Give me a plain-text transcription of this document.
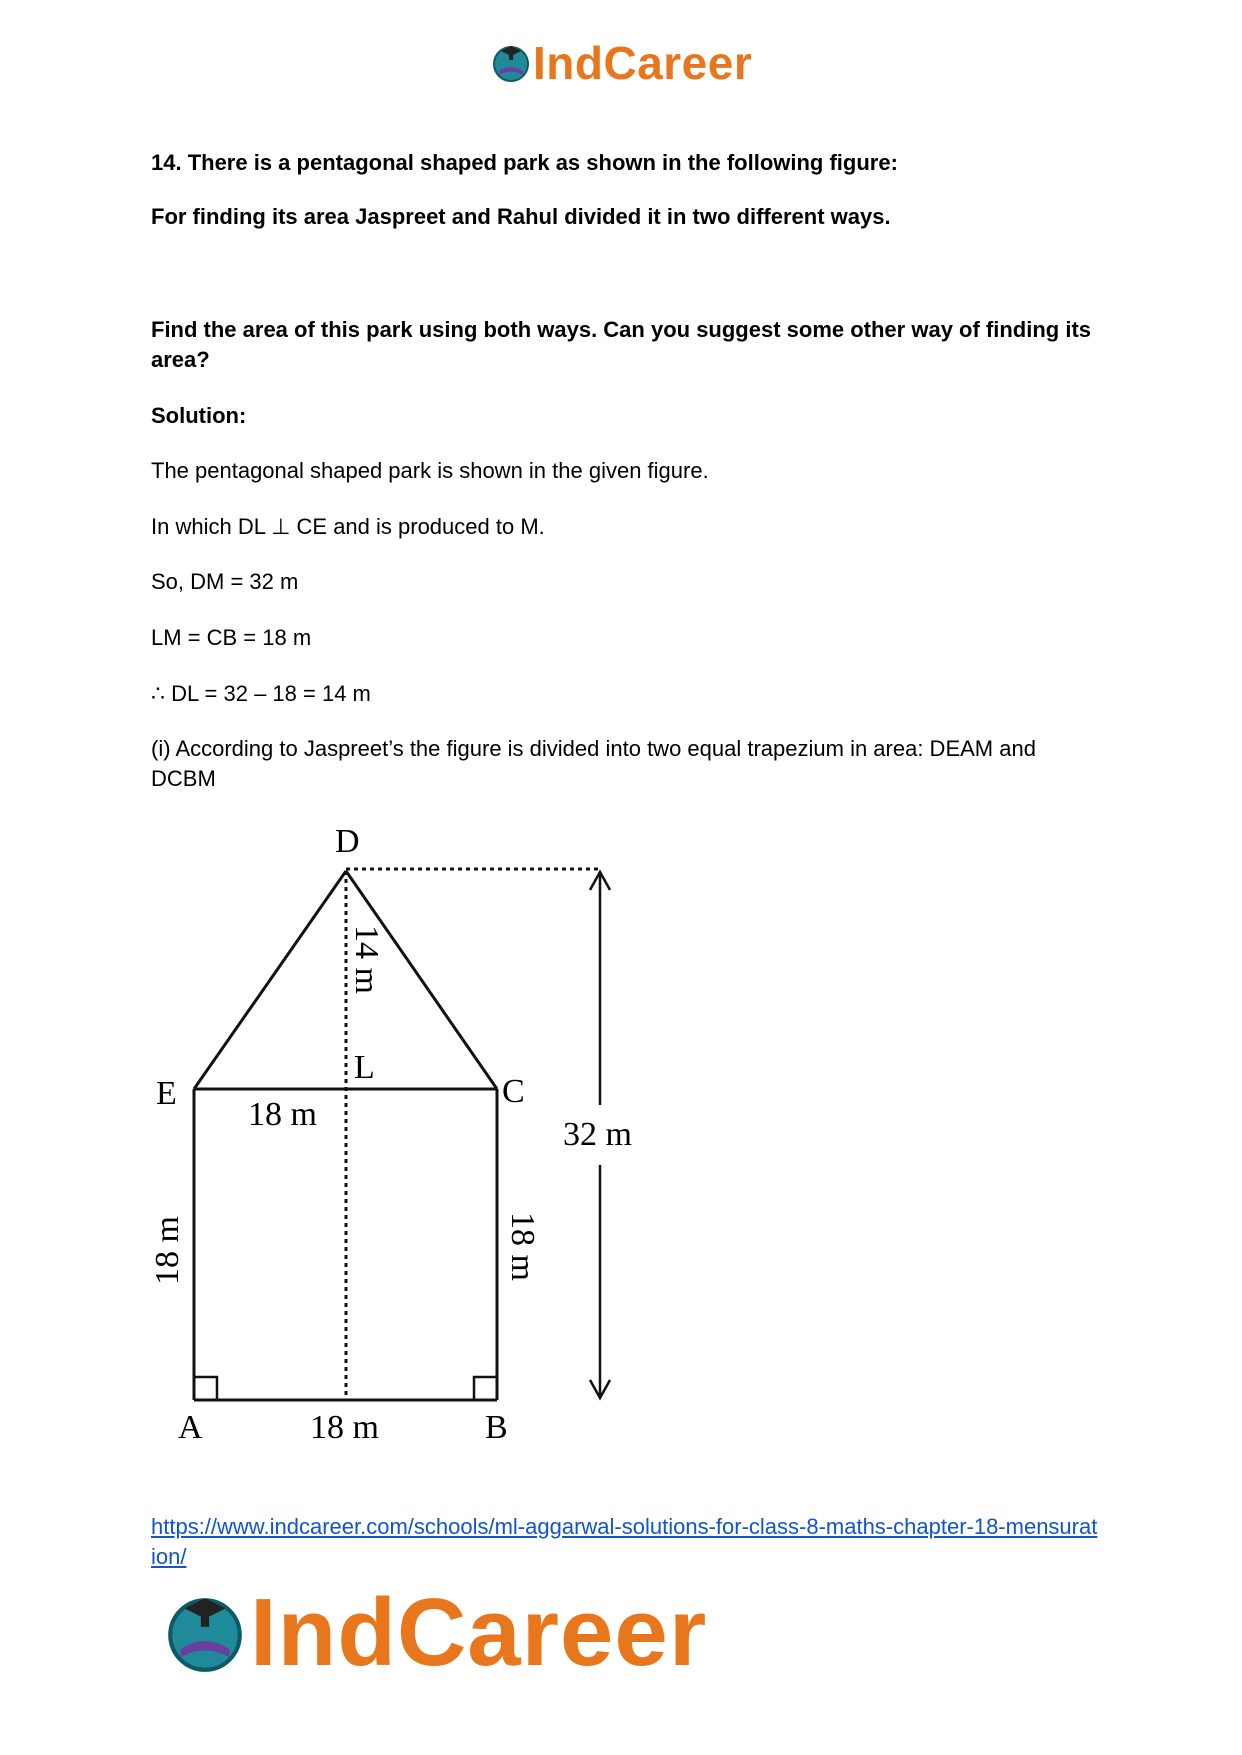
IndCareer

14. There is a pentagonal shaped park as shown in the following figure:

For finding its area Jaspreet and Rahul divided it in two different ways.

Find the area of this park using both ways. Can you suggest some other way of finding its area?

Solution:

The pentagonal shaped park is shown in the given figure.

In which DL ⊥ CE and is produced to M.

So, DM = 32 m

LM = CB = 18 m

∴ DL = 32 – 18 = 14 m

(i) According to Jaspreet’s the figure is divided into two equal trapezium in area: DEAM and DCBM

D
E
L
C
A	B
14 m
18 m
18 m	18 m
18 m
32 m
https://www.indcareer.com/schools/ml-aggarwal-solutions-for-class-8-maths-chapter-18-mensuration/
IndCareer
